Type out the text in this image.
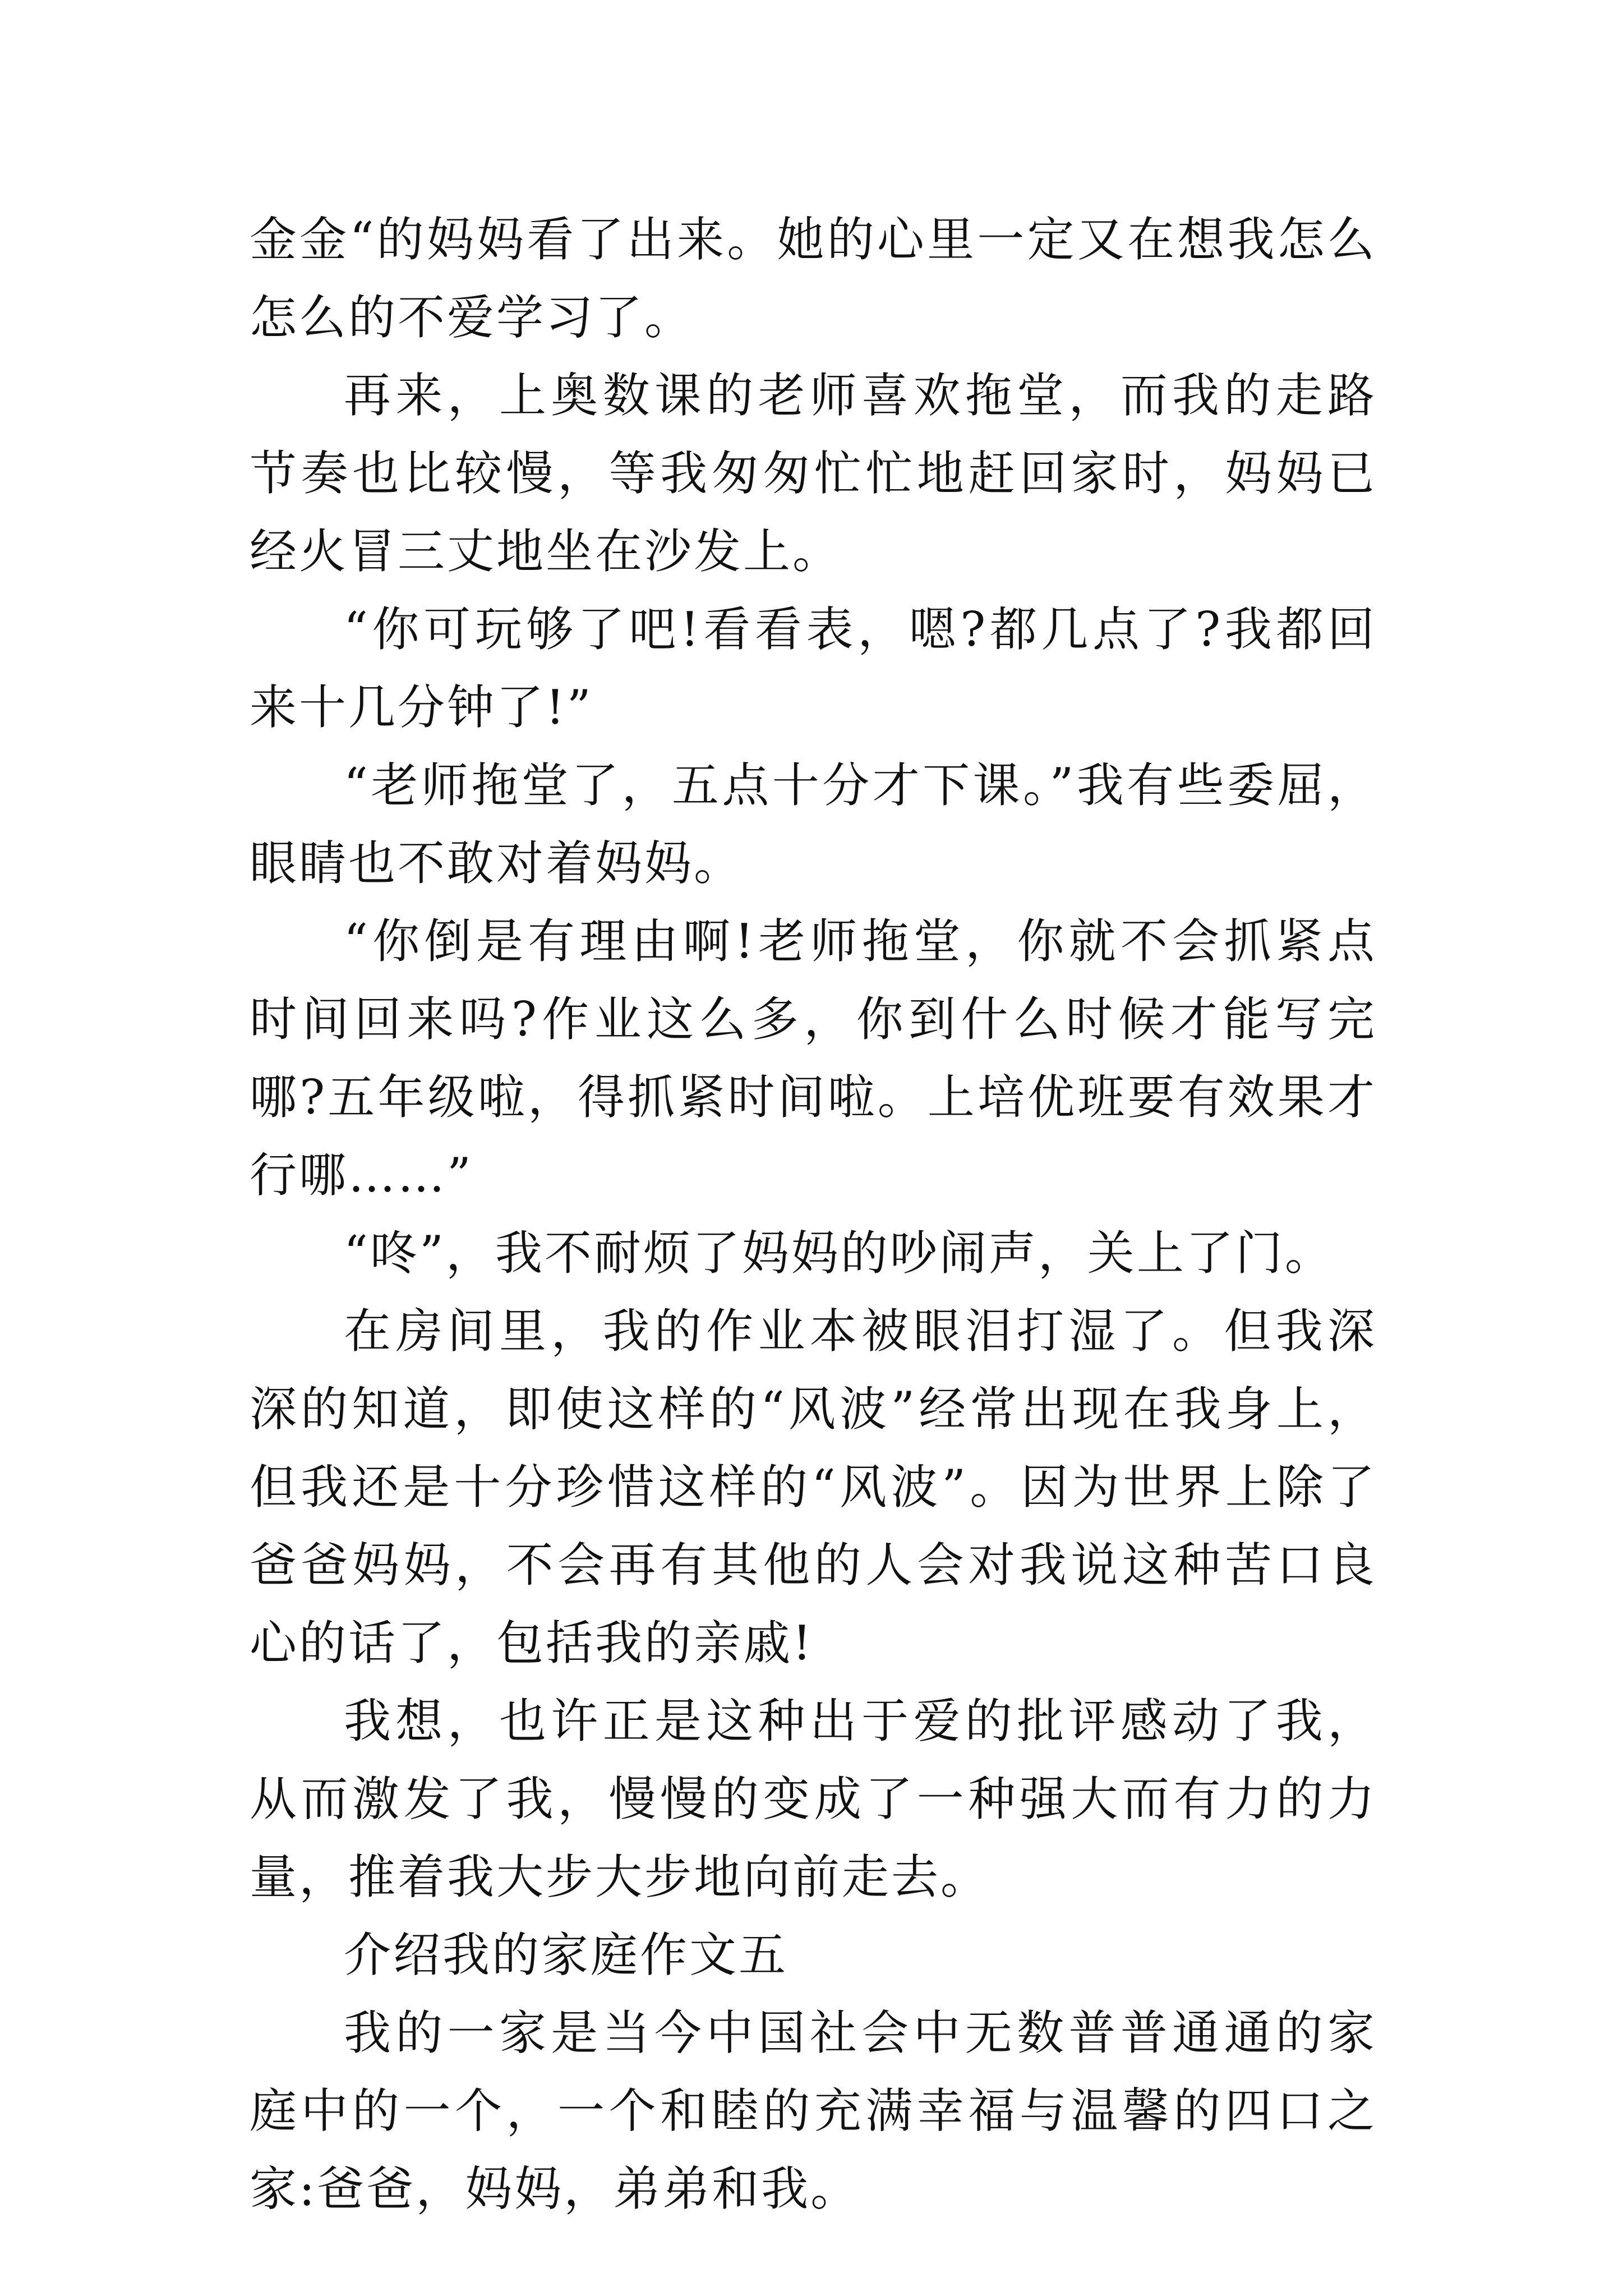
金金“的妈妈看了出来。她的心里一定又在想我怎么怎么的不爱学习了。

再来，上奥数课的老师喜欢拖堂，而我的走路节奏也比较慢，等我匆匆忙忙地赶回家时，妈妈已经火冒三丈地坐在沙发上。

“你可玩够了吧!看看表，嗯?都几点了?我都回来十几分钟了!”

“老师拖堂了，五点十分才下课。”我有些委屈，眼睛也不敢对着妈妈。

“你倒是有理由啊!老师拖堂，你就不会抓紧点时间回来吗?作业这么多，你到什么时候才能写完哪?五年级啦，得抓紧时间啦。上培优班要有效果才行哪……”

“咚”，我不耐烦了妈妈的吵闹声，关上了门。

在房间里，我的作业本被眼泪打湿了。但我深深的知道，即使这样的“风波”经常出现在我身上，但我还是十分珍惜这样的“风波”。因为世界上除了爸爸妈妈，不会再有其他的人会对我说这种苦口良心的话了，包括我的亲戚!

我想，也许正是这种出于爱的批评感动了我，从而激发了我，慢慢的变成了一种强大而有力的力量，推着我大步大步地向前走去。

介绍我的家庭作文五

我的一家是当今中国社会中无数普普通通的家庭中的一个，一个和睦的充满幸福与温馨的四口之家:爸爸，妈妈，弟弟和我。
